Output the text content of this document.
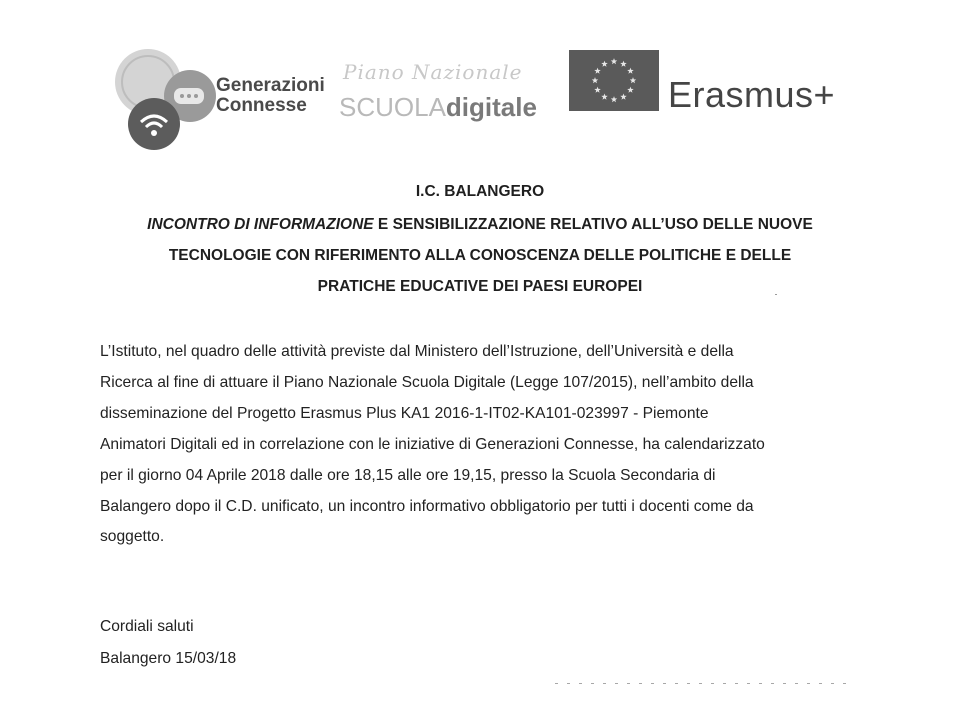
Generazioni
Connesse
Piano Nazionale
SCUOLAdigitale	Erasmus+
I.C. BALANGERO
INCONTRO DI INFORMAZIONE E SENSIBILIZZAZIONE RELATIVO ALL’USO DELLE NUOVE
TECNOLOGIE CON RIFERIMENTO ALLA CONOSCENZA DELLE POLITICHE E DELLE
PRATICHE EDUCATIVE DEI PAESI EUROPEI
L’Istituto, nel quadro delle attività previste dal Ministero dell’Istruzione, dell’Università e della
Ricerca al fine di attuare il Piano Nazionale Scuola Digitale (Legge 107/2015), nell’ambito della
disseminazione del Progetto Erasmus Plus KA1 2016-1-IT02-KA101-023997 - Piemonte
Animatori Digitali ed in correlazione con le iniziative di Generazioni Connesse, ha calendarizzato
per il giorno 04 Aprile 2018 dalle ore 18,15 alle ore 19,15, presso la Scuola Secondaria di
Balangero dopo il C.D. unificato, un incontro informativo obbligatorio per tutti i docenti come da
soggetto.
Cordiali saluti
Balangero 15/03/18
